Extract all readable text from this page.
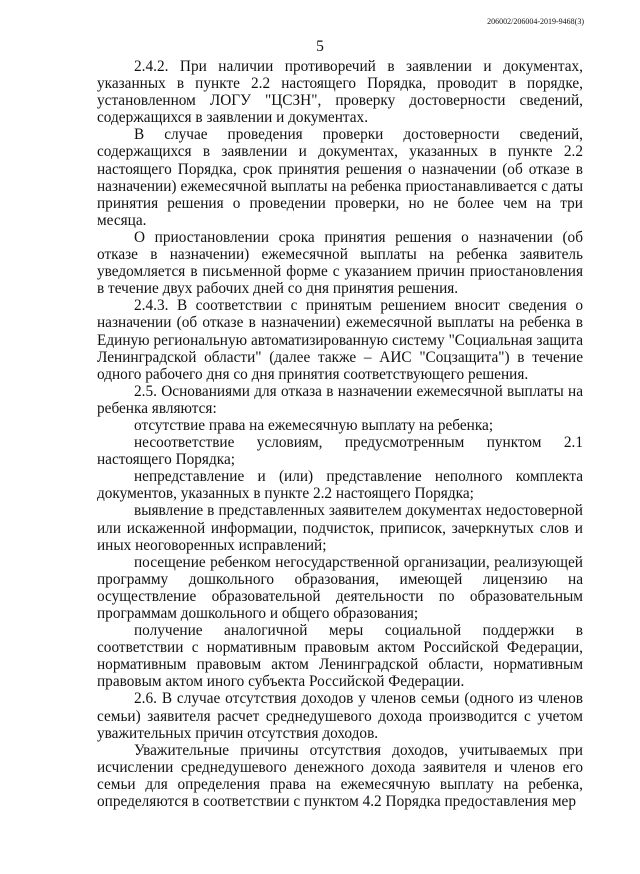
206002/206004-2019-9468(3)
5

2.4.2. При наличии противоречий в заявлении и документах, указанных в пункте 2.2 настоящего Порядка, проводит в порядке, установленном ЛОГУ "ЦСЗН", проверку достоверности сведений, содержащихся в заявлении и документах.

В случае проведения проверки достоверности сведений, содержащихся в заявлении и документах, указанных в пункте 2.2 настоящего Порядка, срок принятия решения о назначении (об отказе в назначении) ежемесячной выплаты на ребенка приостанавливается с даты принятия решения о проведении проверки, но не более чем на три месяца.

О приостановлении срока принятия решения о назначении (об отказе в назначении) ежемесячной выплаты на ребенка заявитель уведомляется в письменной форме с указанием причин приостановления в течение двух рабочих дней со дня принятия решения.

2.4.3. В соответствии с принятым решением вносит сведения о назначении (об отказе в назначении) ежемесячной выплаты на ребенка в Единую региональную автоматизированную систему "Социальная защита Ленинградской области" (далее также – АИС "Соцзащита") в течение одного рабочего дня со дня принятия соответствующего решения.

2.5. Основаниями для отказа в назначении ежемесячной выплаты на ребенка являются:

отсутствие права на ежемесячную выплату на ребенка;

несоответствие условиям, предусмотренным пунктом 2.1 настоящего Порядка;

непредставление и (или) представление неполного комплекта документов, указанных в пункте 2.2 настоящего Порядка;

выявление в представленных заявителем документах недостоверной или искаженной информации, подчисток, приписок, зачеркнутых слов и иных неоговоренных исправлений;

посещение ребенком негосударственной организации, реализующей программу дошкольного образования, имеющей лицензию на осуществление образовательной деятельности по образовательным программам дошкольного и общего образования;

получение аналогичной меры социальной поддержки в соответствии с нормативным правовым актом Российской Федерации, нормативным правовым актом Ленинградской области, нормативным правовым актом иного субъекта Российской Федерации.

2.6. В случае отсутствия доходов у членов семьи (одного из членов семьи) заявителя расчет среднедушевого дохода производится с учетом уважительных причин отсутствия доходов.

Уважительные причины отсутствия доходов, учитываемых при исчислении среднедушевого денежного дохода заявителя и членов его семьи для определения права на ежемесячную выплату на ребенка, определяются в соответствии с пунктом 4.2 Порядка предоставления мер
